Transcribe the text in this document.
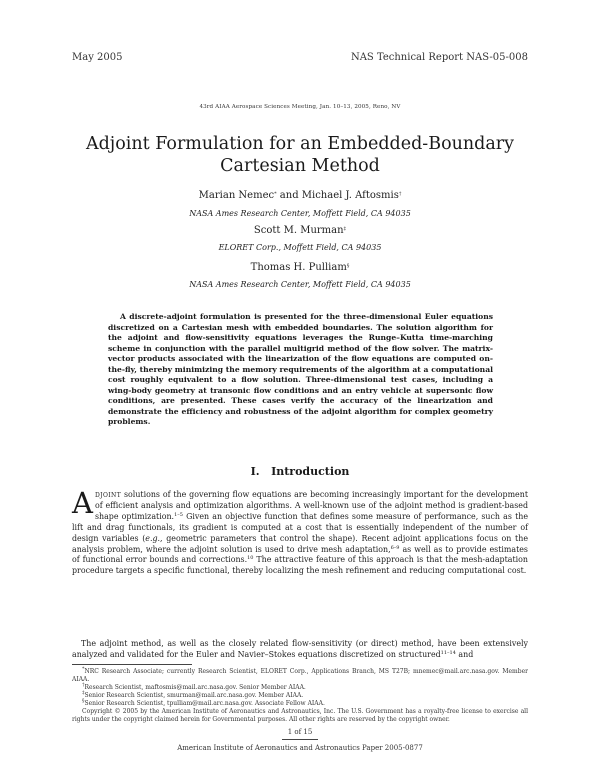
May 2005	NAS Technical Report NAS-05-008
43rd AIAA Aerospace Sciences Meeting, Jan. 10–13, 2005, Reno, NV
Adjoint Formulation for an Embedded-Boundary Cartesian Method
Marian Nemec* and Michael J. Aftosmis†
NASA Ames Research Center, Moffett Field, CA 94035
Scott M. Murman‡
ELORET Corp., Moffett Field, CA 94035
Thomas H. Pulliam§
NASA Ames Research Center, Moffett Field, CA 94035

A discrete-adjoint formulation is presented for the three-dimensional Euler equations discretized on a Cartesian mesh with embedded boundaries. The solution algorithm for the adjoint and flow-sensitivity equations leverages the Runge–Kutta time-marching scheme in conjunction with the parallel multigrid method of the flow solver. The matrix-vector products associated with the linearization of the flow equations are computed on-the-fly, thereby minimizing the memory requirements of the algorithm at a computational cost roughly equivalent to a flow solution. Three-dimensional test cases, including a wing-body geometry at transonic flow conditions and an entry vehicle at supersonic flow conditions, are presented. These cases verify the accuracy of the linearization and demonstrate the efficiency and robustness of the adjoint algorithm for complex geometry problems.

I. Introduction

Adjoint solutions of the governing flow equations are becoming increasingly important for the development of efficient analysis and optimization algorithms. A well-known use of the adjoint method is gradient-based shape optimization.$^{1-5}$ Given an objective function that defines some measure of performance, such as the lift and drag functionals, its gradient is computed at a cost that is essentially independent of the number of design variables (e.g., geometric parameters that control the shape). Recent adjoint applications focus on the analysis problem, where the adjoint solution is used to drive mesh adaptation,$^{6-9}$ as well as to provide estimates of functional error bounds and corrections.$^{10}$ The attractive feature of this approach is that the mesh-adaptation procedure targets a specific functional, thereby localizing the mesh refinement and reducing computational cost.

The adjoint method, as well as the closely related flow-sensitivity (or direct) method, have been extensively analyzed and validated for the Euler and Navier–Stokes equations discretized on structured$^{11-14}$ and

*NRC Research Associate; currently Research Scientist, ELORET Corp., Applications Branch, MS T27B; mnemec@mail.arc.nasa.gov. Member AIAA.

†Research Scientist, maftosmis@mail.arc.nasa.gov. Senior Member AIAA.

‡Senior Research Scientist, smurman@mail.arc.nasa.gov. Member AIAA.

§Senior Research Scientist, tpulliam@mail.arc.nasa.gov. Associate Fellow AIAA.

Copyright © 2005 by the American Institute of Aeronautics and Astronautics, Inc. The U.S. Government has a royalty-free license to exercise all rights under the copyright claimed herein for Governmental purposes. All other rights are reserved by the copyright owner.

1 of 15
American Institute of Aeronautics and Astronautics Paper 2005-0877
